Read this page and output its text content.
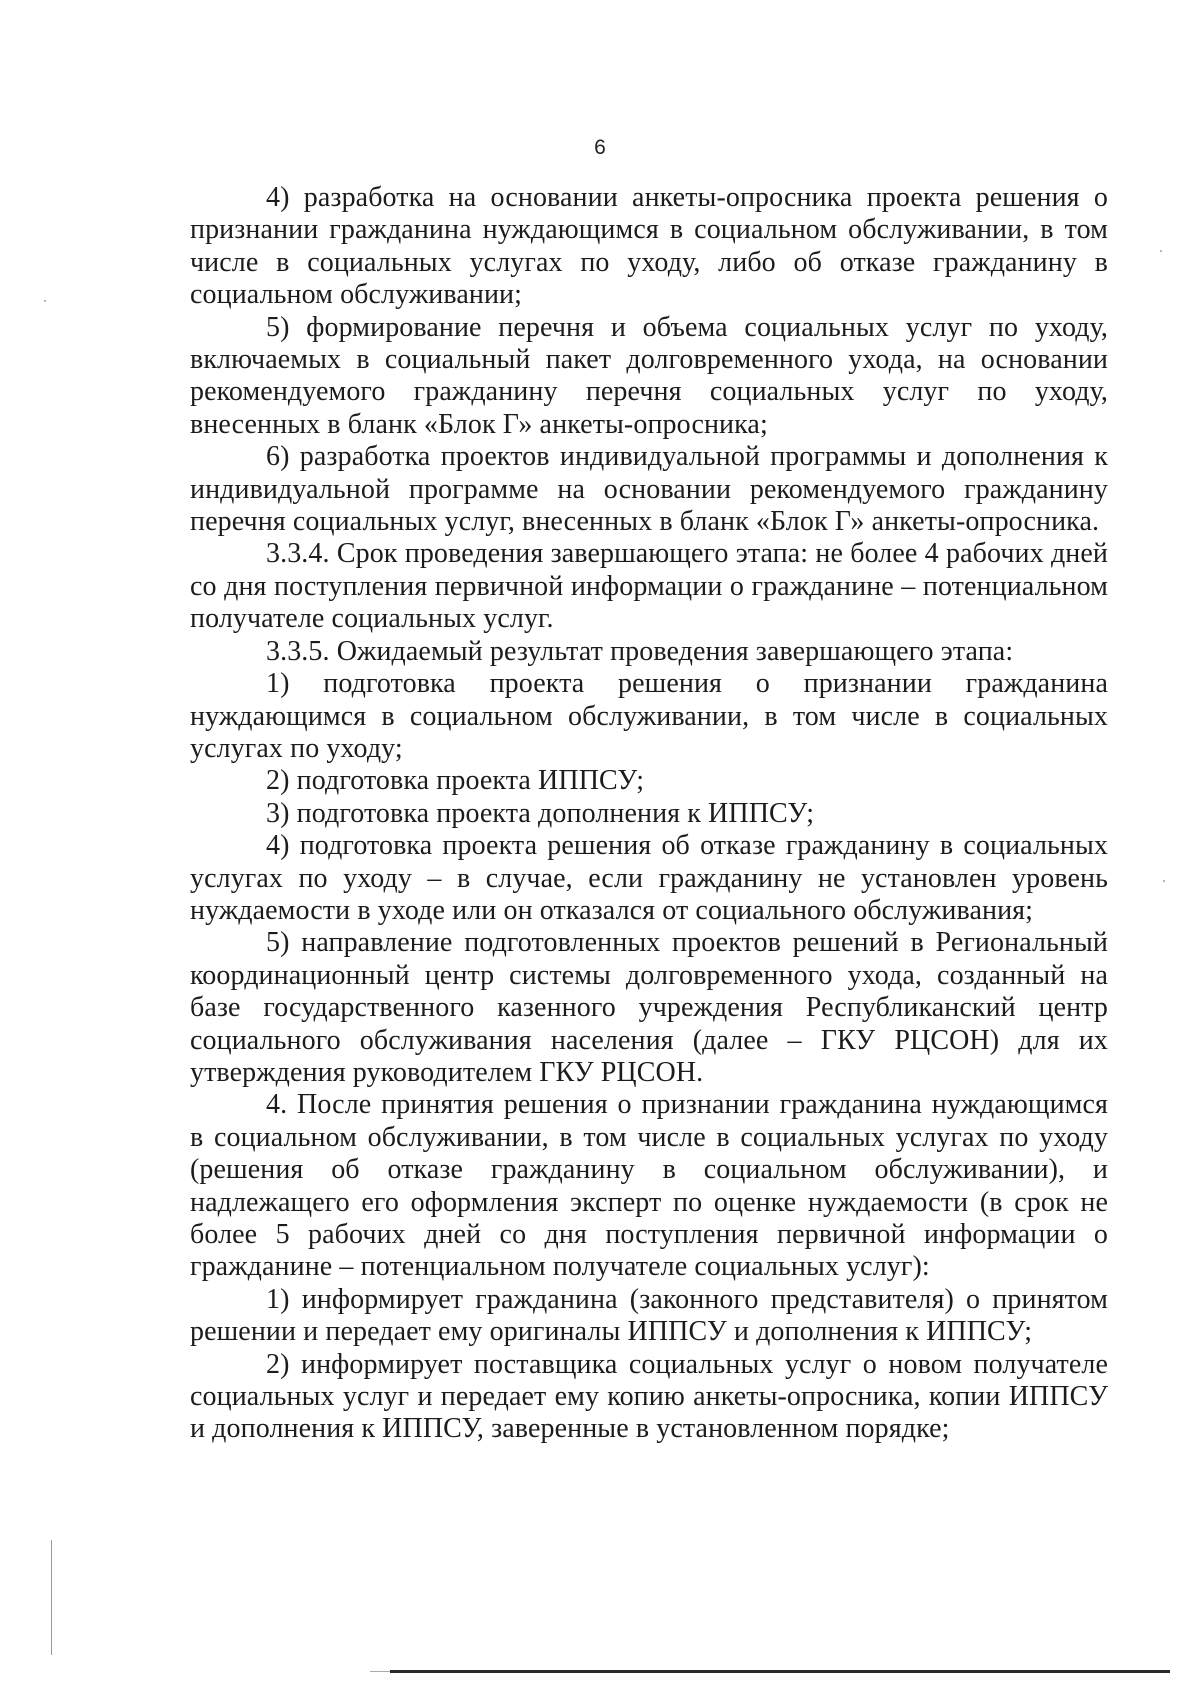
6

4) разработка на основании анкеты-опросника проекта решения о признании гражданина нуждающимся в социальном обслуживании, в том числе в социальных услугах по уходу, либо об отказе гражданину в социальном обслуживании;

5) формирование перечня и объема социальных услуг по уходу, включаемых в социальный пакет долговременного ухода, на основании рекомендуемого гражданину перечня социальных услуг по уходу, внесенных в бланк «Блок Г» анкеты-опросника;

6) разработка проектов индивидуальной программы и дополнения к индивидуальной программе на основании рекомендуемого гражданину перечня социальных услуг, внесенных в бланк «Блок Г» анкеты-опросника.

3.3.4. Срок проведения завершающего этапа: не более 4 рабочих дней со дня поступления первичной информации о гражданине – потенциальном получателе социальных услуг.

3.3.5. Ожидаемый результат проведения завершающего этапа:

1) подготовка проекта решения о признании гражданина нуждающимся в социальном обслуживании, в том числе в социальных услугах по уходу;

2) подготовка проекта ИППСУ;

3) подготовка проекта дополнения к ИППСУ;

4) подготовка проекта решения об отказе гражданину в социальных услугах по уходу – в случае, если гражданину не установлен уровень нуждаемости в уходе или он отказался от социального обслуживания;

5) направление подготовленных проектов решений в Региональный координационный центр системы долговременного ухода, созданный на базе государственного казенного учреждения Республиканский центр социального обслуживания населения (далее – ГКУ РЦСОН) для их утверждения руководителем ГКУ РЦСОН.

4. После принятия решения о признании гражданина нуждающимся в социальном обслуживании, в том числе в социальных услугах по уходу (решения об отказе гражданину в социальном обслуживании), и надлежащего его оформления эксперт по оценке нуждаемости (в срок не более 5 рабочих дней со дня поступления первичной информации о гражданине – потенциальном получателе социальных услуг):

1) информирует гражданина (законного представителя) о принятом решении и передает ему оригиналы ИППСУ и дополнения к ИППСУ;

2) информирует поставщика социальных услуг о новом получателе социальных услуг и передает ему копию анкеты-опросника, копии ИППСУ и дополнения к ИППСУ, заверенные в установленном порядке;
